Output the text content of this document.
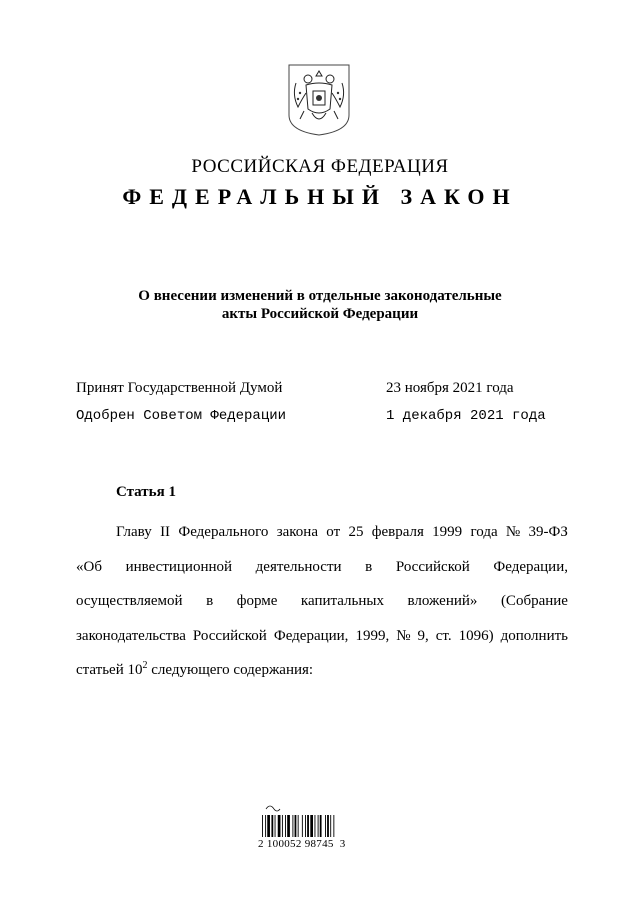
РОССИЙСКАЯ ФЕДЕРАЦИЯ
ФЕДЕРАЛЬНЫЙ ЗАКОН
О внесении изменений в отдельные законодательные
акты Российской Федерации
Принят Государственной Думой	23 ноября 2021 года
Одобрен Советом Федерации	1 декабря 2021 года
Статья 1
Главу II Федерального закона от 25 февраля 1999 года № 39-ФЗ
«Об инвестиционной деятельности в Российской Федерации,
осуществляемой в форме капитальных вложений» (Собрание
законодательства Российской Федерации, 1999, № 9, ст. 1096) дополнить
статьей $10^2$ следующего содержания:
2 100052 98745  3
